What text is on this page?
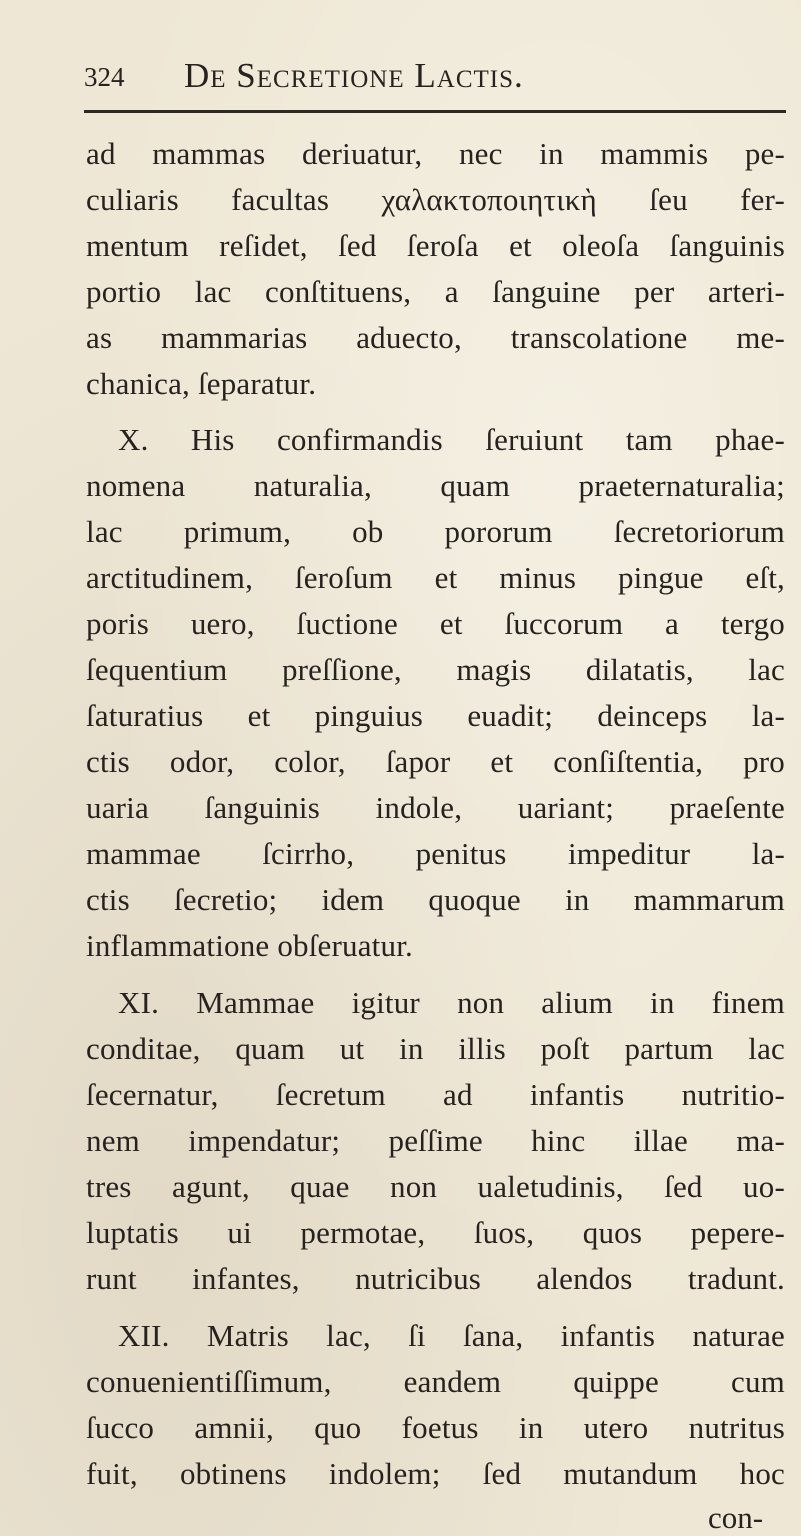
324 De Secretione Lactis.
ad mammas deriuatur, nec in mammis pe-
culiaris facultas χαλακτοποιητικὴ ſeu fer-
mentum reſidet, ſed ſeroſa et oleoſa ſanguinis
portio lac conſtituens, a ſanguine per arteri-
as mammarias aduecto, transcolatione me-
chanica, ſeparatur.
X. His confirmandis ſeruiunt tam phae-
nomena naturalia, quam praeternaturalia;
lac primum, ob pororum ſecretoriorum
arctitudinem, ſeroſum et minus pingue eſt,
poris uero, ſuctione et ſuccorum a tergo
ſequentium preſſione, magis dilatatis, lac
ſaturatius et pinguius euadit; deinceps la-
ctis odor, color, ſapor et conſiſtentia, pro
uaria ſanguinis indole, uariant; praeſente
mammae ſcirrho, penitus impeditur la-
ctis ſecretio; idem quoque in mammarum
inflammatione obſeruatur.
XI. Mammae igitur non alium in finem
conditae, quam ut in illis poſt partum lac
ſecernatur, ſecretum ad infantis nutritio-
nem impendatur; peſſime hinc illae ma-
tres agunt, quae non ualetudinis, ſed uo-
luptatis ui permotae, ſuos, quos pepere-
runt infantes, nutricibus alendos tradunt.
XII. Matris lac, ſi ſana, infantis naturae
conuenientiſſimum, eandem quippe cum
ſucco amnii, quo foetus in utero nutritus
fuit, obtinens indolem; ſed mutandum hoc
con-
